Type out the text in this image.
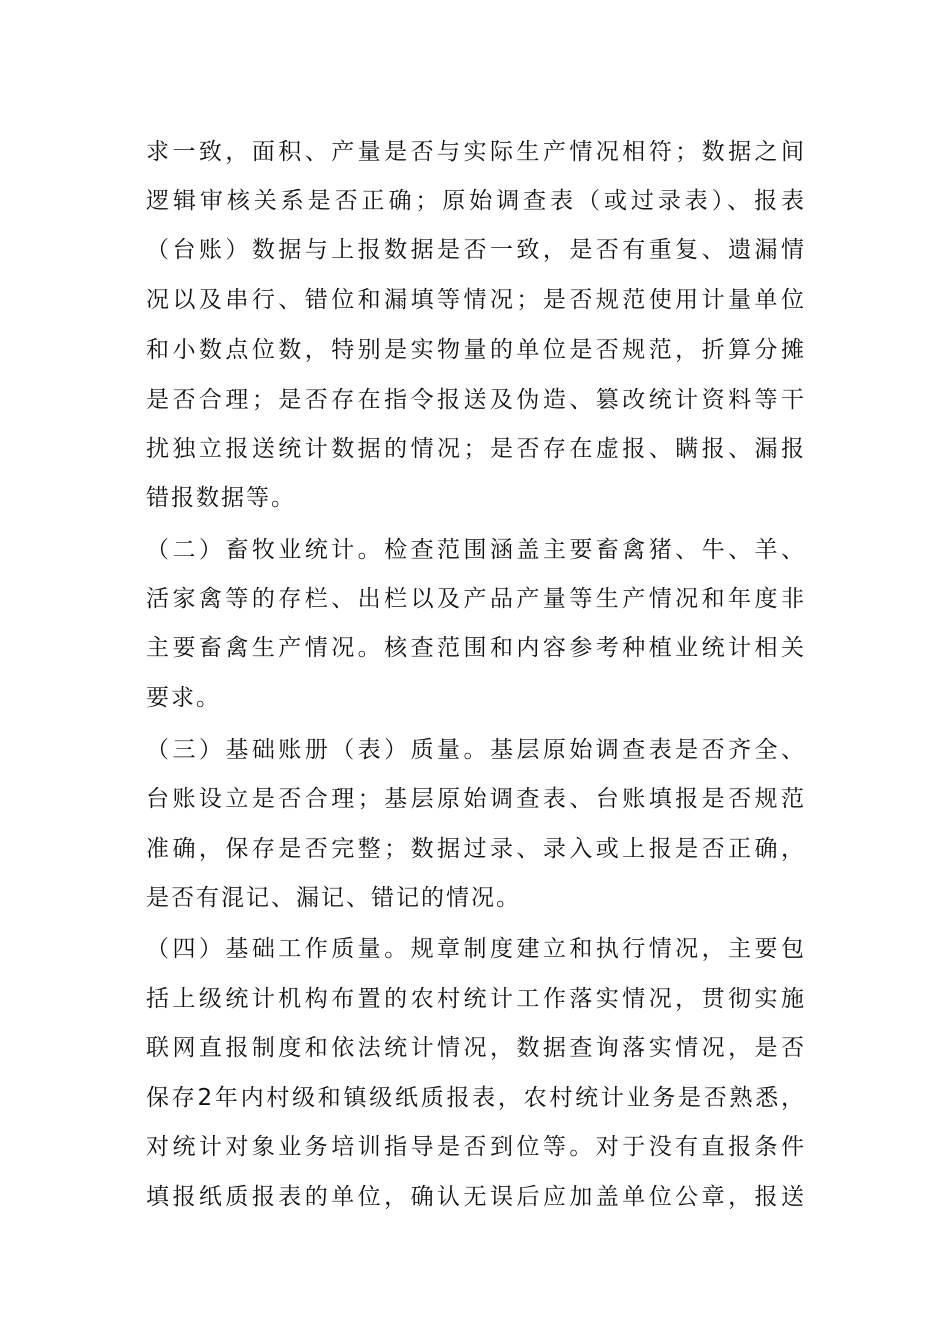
求一致，面积、产量是否与实际生产情况相符；数据之间
逻辑审核关系是否正确；原始调查表（或过录表）、报表
（台账）数据与上报数据是否一致，是否有重复、遗漏情
况以及串行、错位和漏填等情况；是否规范使用计量单位
和小数点位数，特别是实物量的单位是否规范，折算分摊
是否合理；是否存在指令报送及伪造、篡改统计资料等干
扰独立报送统计数据的情况；是否存在虚报、瞒报、漏报
错报数据等。
（二）畜牧业统计。检查范围涵盖主要畜禽猪、牛、羊、
活家禽等的存栏、出栏以及产品产量等生产情况和年度非
主要畜禽生产情况。核查范围和内容参考种植业统计相关
要求。
（三）基础账册（表）质量。基层原始调查表是否齐全、
台账设立是否合理；基层原始调查表、台账填报是否规范
准确，保存是否完整；数据过录、录入或上报是否正确，
是否有混记、漏记、错记的情况。
（四）基础工作质量。规章制度建立和执行情况，主要包
括上级统计机构布置的农村统计工作落实情况，贯彻实施
联网直报制度和依法统计情况，数据查询落实情况，是否
保存2年内村级和镇级纸质报表，农村统计业务是否熟悉，
对统计对象业务培训指导是否到位等。对于没有直报条件
填报纸质报表的单位，确认无误后应加盖单位公章，报送
